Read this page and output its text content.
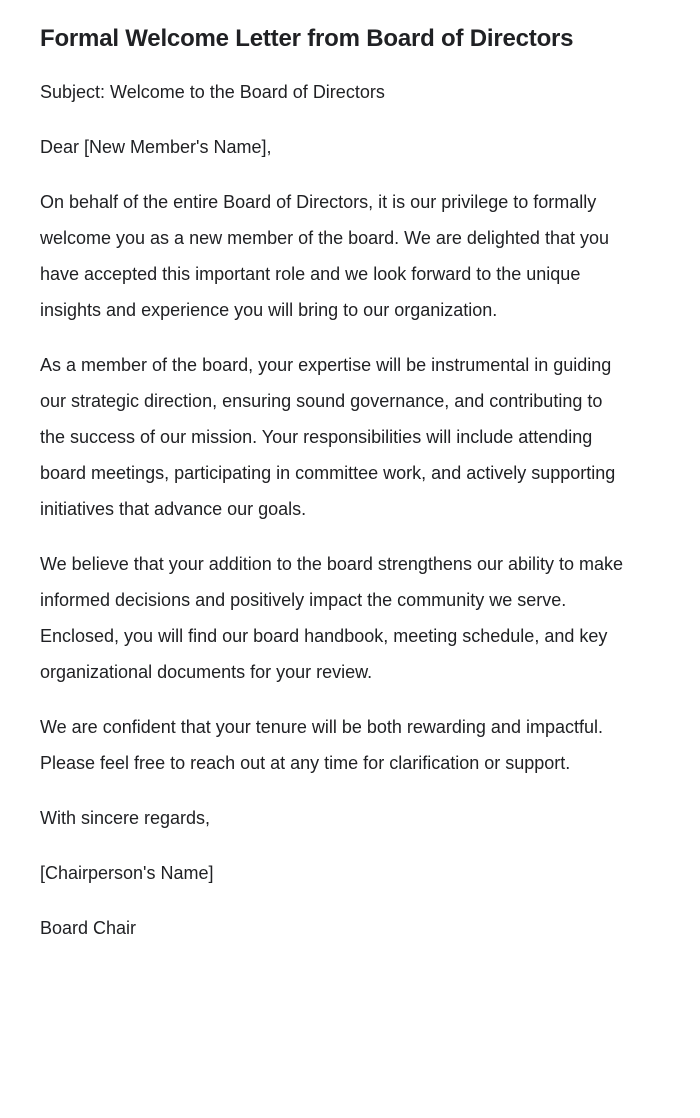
Formal Welcome Letter from Board of Directors

Subject: Welcome to the Board of Directors

Dear [New Member's Name],

On behalf of the entire Board of Directors, it is our privilege to formally welcome you as a new member of the board. We are delighted that you have accepted this important role and we look forward to the unique insights and experience you will bring to our organization.

As a member of the board, your expertise will be instrumental in guiding our strategic direction, ensuring sound governance, and contributing to the success of our mission. Your responsibilities will include attending board meetings, participating in committee work, and actively supporting initiatives that advance our goals.

We believe that your addition to the board strengthens our ability to make informed decisions and positively impact the community we serve. Enclosed, you will find our board handbook, meeting schedule, and key organizational documents for your review.

We are confident that your tenure will be both rewarding and impactful. Please feel free to reach out at any time for clarification or support.

With sincere regards,

[Chairperson's Name]

Board Chair
